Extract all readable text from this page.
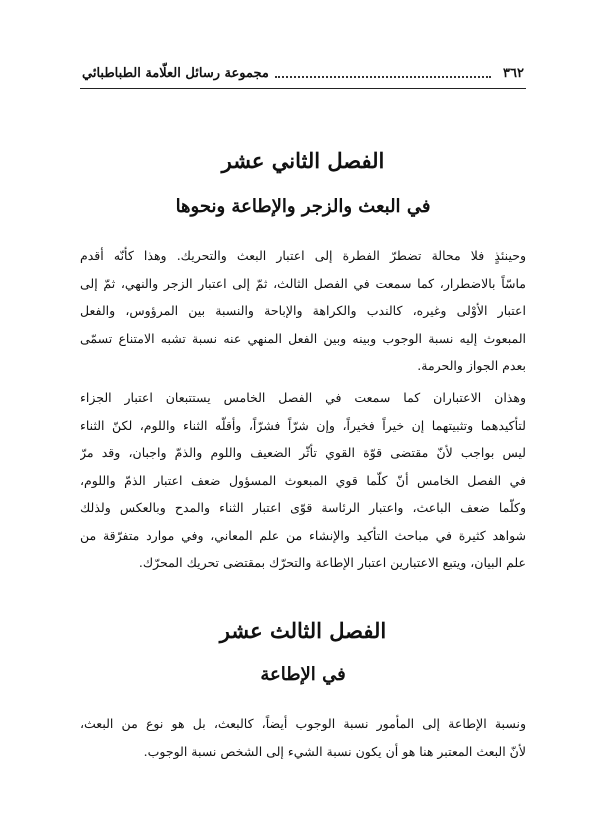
٣٦٢
مجموعة رسائل العلّامة الطباطبائي
الفصل الثاني عشر
في البعث والزجر والإطاعة ونحوها

وحينئذٍ فلا محالة تضطرّ الفطرة إلى اعتبار البعث والتحريك. وهذا كأنّه أقدم
ماسّاً بالاضطرار، كما سمعت في الفصل الثالث، ثمّ إلى اعتبار الزجر والنهي، ثمّ إلى
اعتبار الأوْلى وغيره، كالندب والكراهة والإباحة والنسبة بين المرؤوس، والفعل
المبعوث إليه نسبة الوجوب وبينه وبين الفعل المنهي عنه نسبة تشبه الامتناع تسمّى
بعدم الجواز والحرمة.

وهذان الاعتباران كما سمعت في الفصل الخامس يستتبعان اعتبار الجزاء
لتأكيدهما وتثبيتهما إن خيراً فخيراً، وإن شرّاً فشرّاً، وأقلّه الثناء واللوم، لكنّ الثناء
ليس بواجب لأنّ مقتضى قوّة القوي تأثّر الضعيف واللوم والذمّ واجبان، وقد مرّ
في الفصل الخامس أنّ كلّما قوي المبعوث المسؤول ضعف اعتبار الذمّ واللوم،
وكلّما ضعف الباعث، واعتبار الرئاسة قوّى اعتبار الثناء والمدح وبالعكس ولذلك
شواهد كثيرة في مباحث التأكيد والإنشاء من علم المعاني، وفي موارد متفرّقة من
علم البيان، ويتبع الاعتبارين اعتبار الإطاعة والتحرّك بمقتضى تحريك المحرّك.

الفصل الثالث عشر
في الإطاعة

ونسبة الإطاعة إلى المأمور نسبة الوجوب أيضاً، كالبعث، بل هو نوع من البعث،
لأنّ البعث المعتبر هنا هو أن يكون نسبة الشيء إلى الشخص نسبة الوجوب.
